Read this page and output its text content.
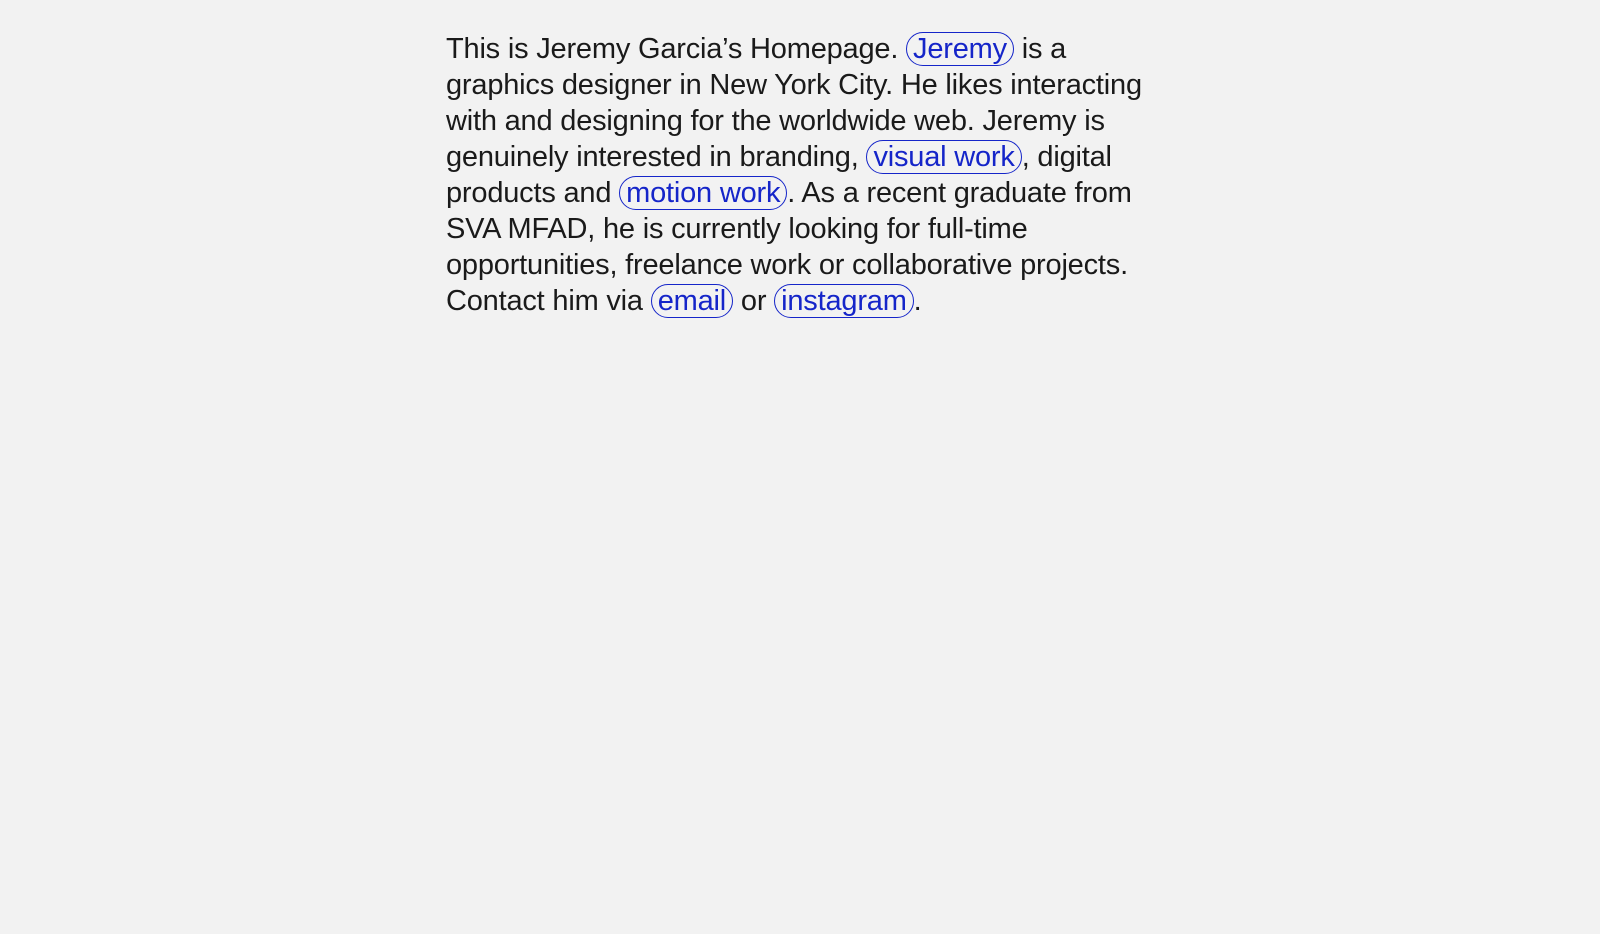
This is Jeremy Garcia’s Homepage. Jeremy is a graphics designer in New York City. He likes interacting with and designing for the worldwide web. Jeremy is genuinely interested in branding, visual work , digital products and motion work . As a recent graduate from SVA MFAD, he is currently looking for full-time opportunities, freelance work or collaborative projects. Contact him via email or instagram .
